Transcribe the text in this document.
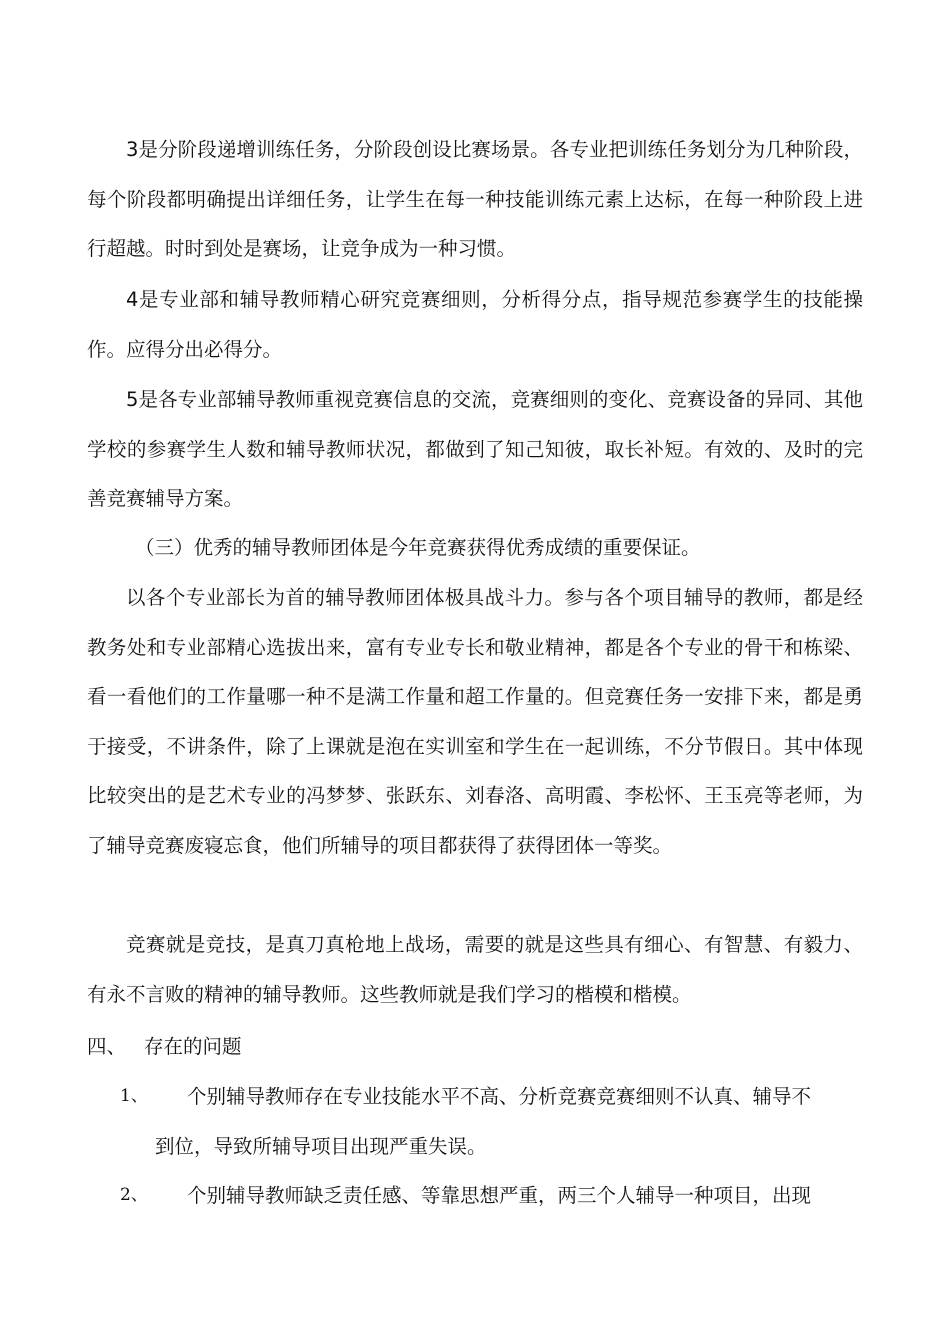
3是分阶段递增训练任务，分阶段创设比赛场景。各专业把训练任务划分为几种阶段，每个阶段都明确提出详细任务，让学生在每一种技能训练元素上达标，在每一种阶段上进行超越。时时到处是赛场，让竞争成为一种习惯。

4是专业部和辅导教师精心研究竞赛细则，分析得分点，指导规范参赛学生的技能操作。应得分出必得分。

5是各专业部辅导教师重视竞赛信息的交流，竞赛细则的变化、竞赛设备的异同、其他学校的参赛学生人数和辅导教师状况，都做到了知己知彼，取长补短。有效的、及时的完善竞赛辅导方案。

（三）优秀的辅导教师团体是今年竞赛获得优秀成绩的重要保证。

以各个专业部长为首的辅导教师团体极具战斗力。参与各个项目辅导的教师，都是经教务处和专业部精心选拔出来，富有专业专长和敬业精神，都是各个专业的骨干和栋梁、看一看他们的工作量哪一种不是满工作量和超工作量的。但竞赛任务一安排下来，都是勇于接受，不讲条件，除了上课就是泡在实训室和学生在一起训练，不分节假日。其中体现比较突出的是艺术专业的冯梦梦、张跃东、刘春洛、高明霞、李松怀、王玉亮等老师，为了辅导竞赛废寝忘食，他们所辅导的项目都获得了获得团体一等奖。

竞赛就是竞技，是真刀真枪地上战场，需要的就是这些具有细心、有智慧、有毅力、有永不言败的精神的辅导教师。这些教师就是我们学习的楷模和楷模。

四、 存在的问题

1、	个别辅导教师存在专业技能水平不高、分析竞赛竞赛细则不认真、辅导不
到位，导致所辅导项目出现严重失误。
2、	个别辅导教师缺乏责任感、等靠思想严重，两三个人辅导一种项目，出现
